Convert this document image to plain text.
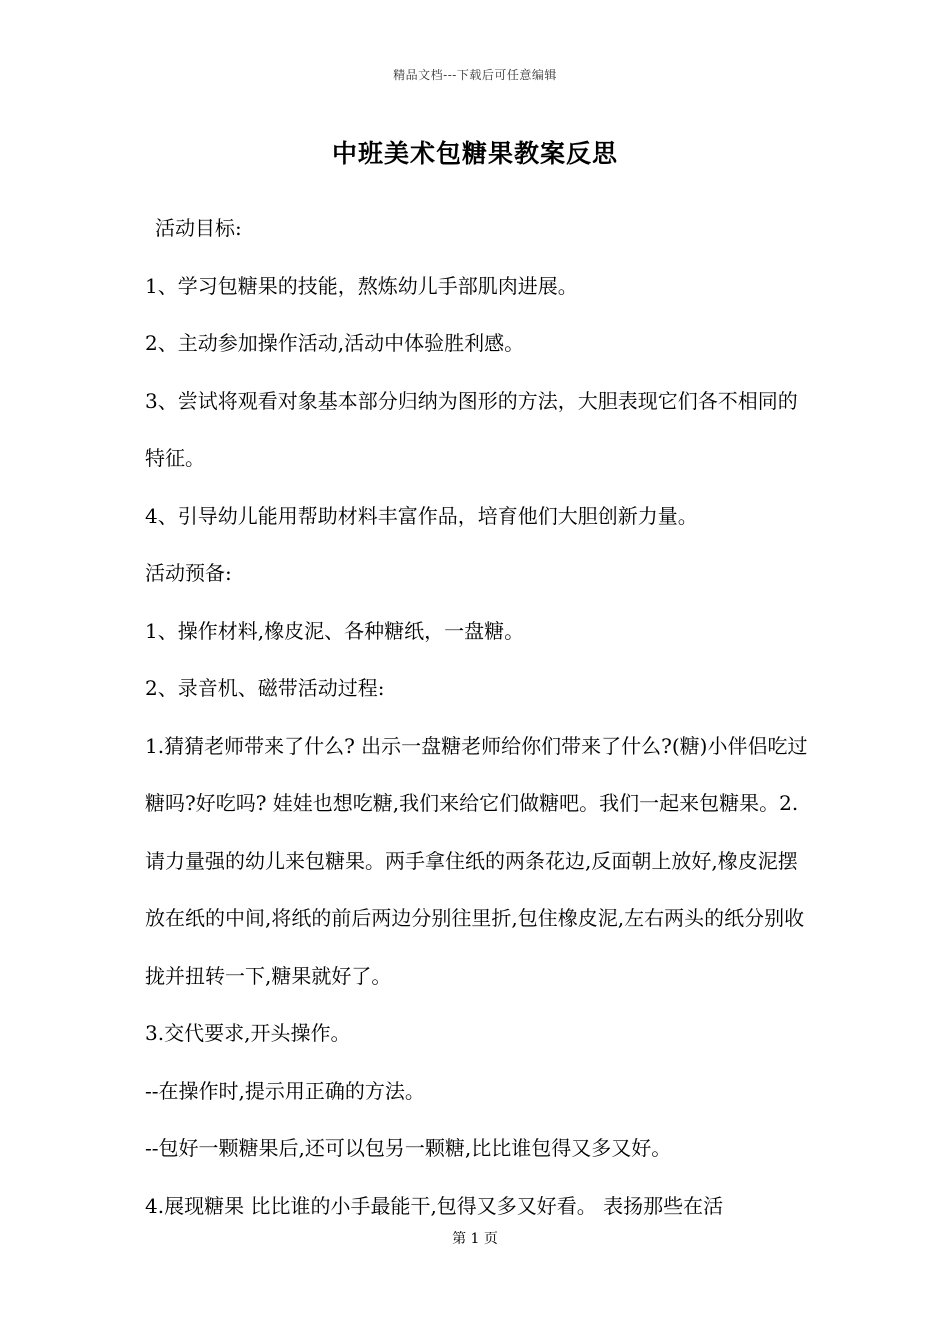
精品文档---下载后可任意编辑
中班美术包糖果教案反思

活动目标:

1、学习包糖果的技能，熬炼幼儿手部肌肉进展。

2、主动参加操作活动,活动中体验胜利感。

3、尝试将观看对象基本部分归纳为图形的方法，大胆表现它们各不相同的特征。

4、引导幼儿能用帮助材料丰富作品，培育他们大胆创新力量。

活动预备:

1、操作材料,橡皮泥、各种糖纸，一盘糖。

2、录音机、磁带活动过程:

1.猜猜老师带来了什么? 出示一盘糖老师给你们带来了什么?(糖)小伴侣吃过糖吗?好吃吗? 娃娃也想吃糖,我们来给它们做糖吧。我们一起来包糖果。2.请力量强的幼儿来包糖果。两手拿住纸的两条花边,反面朝上放好,橡皮泥摆放在纸的中间,将纸的前后两边分别往里折,包住橡皮泥,左右两头的纸分别收拢并扭转一下,糖果就好了。

3.交代要求,开头操作。

--在操作时,提示用正确的方法。

--包好一颗糖果后,还可以包另一颗糖,比比谁包得又多又好。

4.展现糖果 比比谁的小手最能干,包得又多又好看。 表扬那些在活

第 1 页
